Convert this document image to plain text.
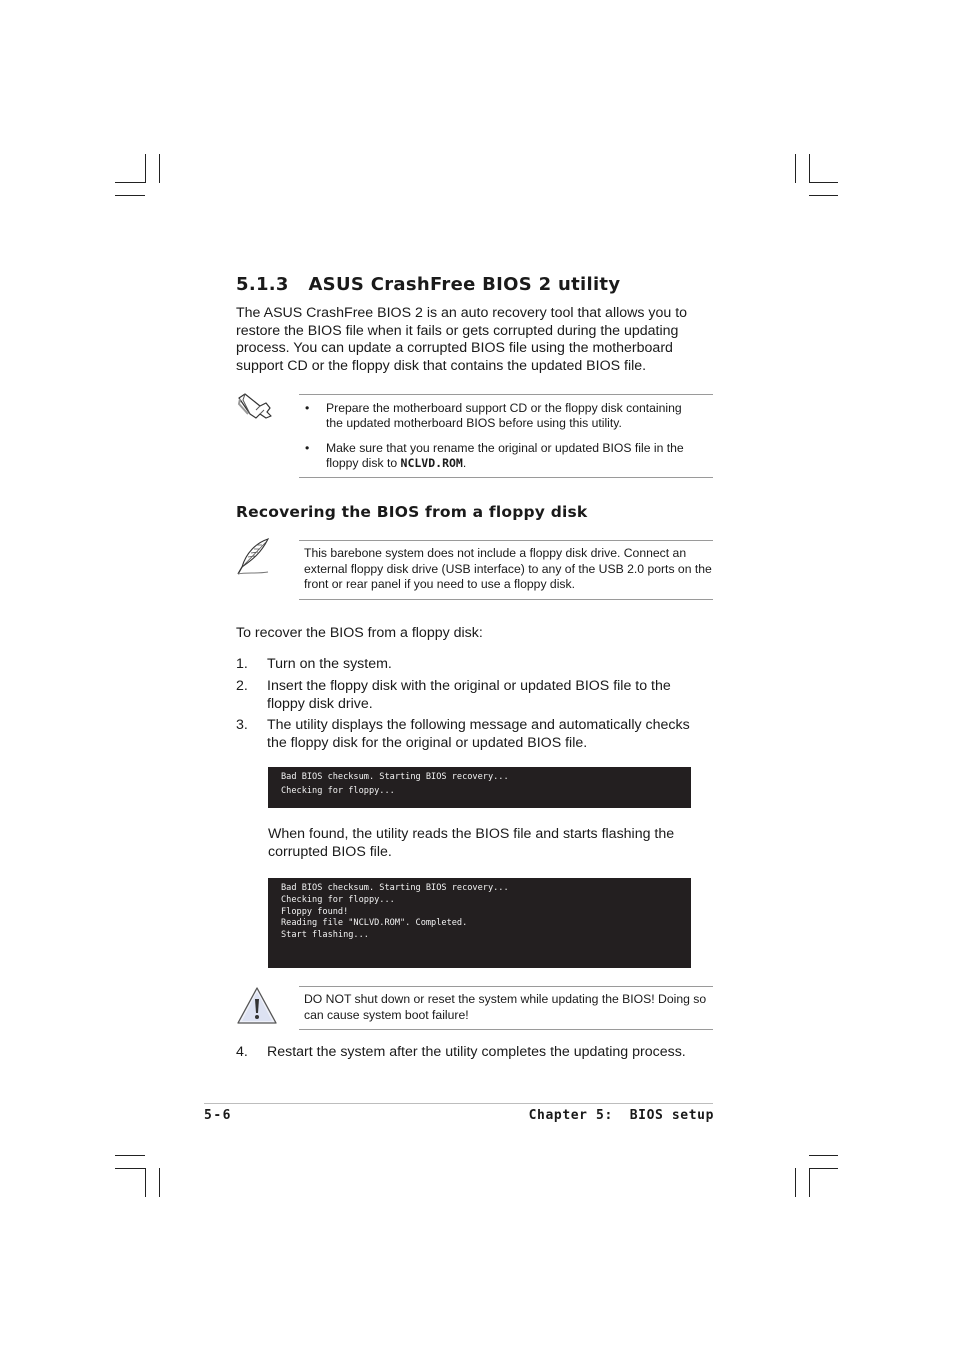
5.1.3 ASUS CrashFree BIOS 2 utility
The ASUS CrashFree BIOS 2 is an auto recovery tool that allows you to restore the BIOS file when it fails or gets corrupted during the updating process. You can update a corrupted BIOS file using the motherboard support CD or the floppy disk that contains the updated BIOS file.
• Prepare the motherboard support CD or the floppy disk containing the updated motherboard BIOS before using this utility.
• Make sure that you rename the original or updated BIOS file in the floppy disk to NCLVD.ROM.
Recovering the BIOS from a floppy disk
This barebone system does not include a floppy disk drive. Connect an external floppy disk drive (USB interface) to any of the USB 2.0 ports on the front or rear panel if you need to use a floppy disk.
To recover the BIOS from a floppy disk:
1. Turn on the system.
2. Insert the floppy disk with the original or updated BIOS file to the floppy disk drive.
3. The utility displays the following message and automatically checks the floppy disk for the original or updated BIOS file.
Bad BIOS checksum. Starting BIOS recovery...
Checking for floppy...
When found, the utility reads the BIOS file and starts flashing the corrupted BIOS file.
Bad BIOS checksum. Starting BIOS recovery...
Checking for floppy...
Floppy found!
Reading file "NCLVD.ROM". Completed.
Start flashing...
DO NOT shut down or reset the system while updating the BIOS! Doing so can cause system boot failure!
4. Restart the system after the utility completes the updating process.
5-6	Chapter 5:  BIOS setup
